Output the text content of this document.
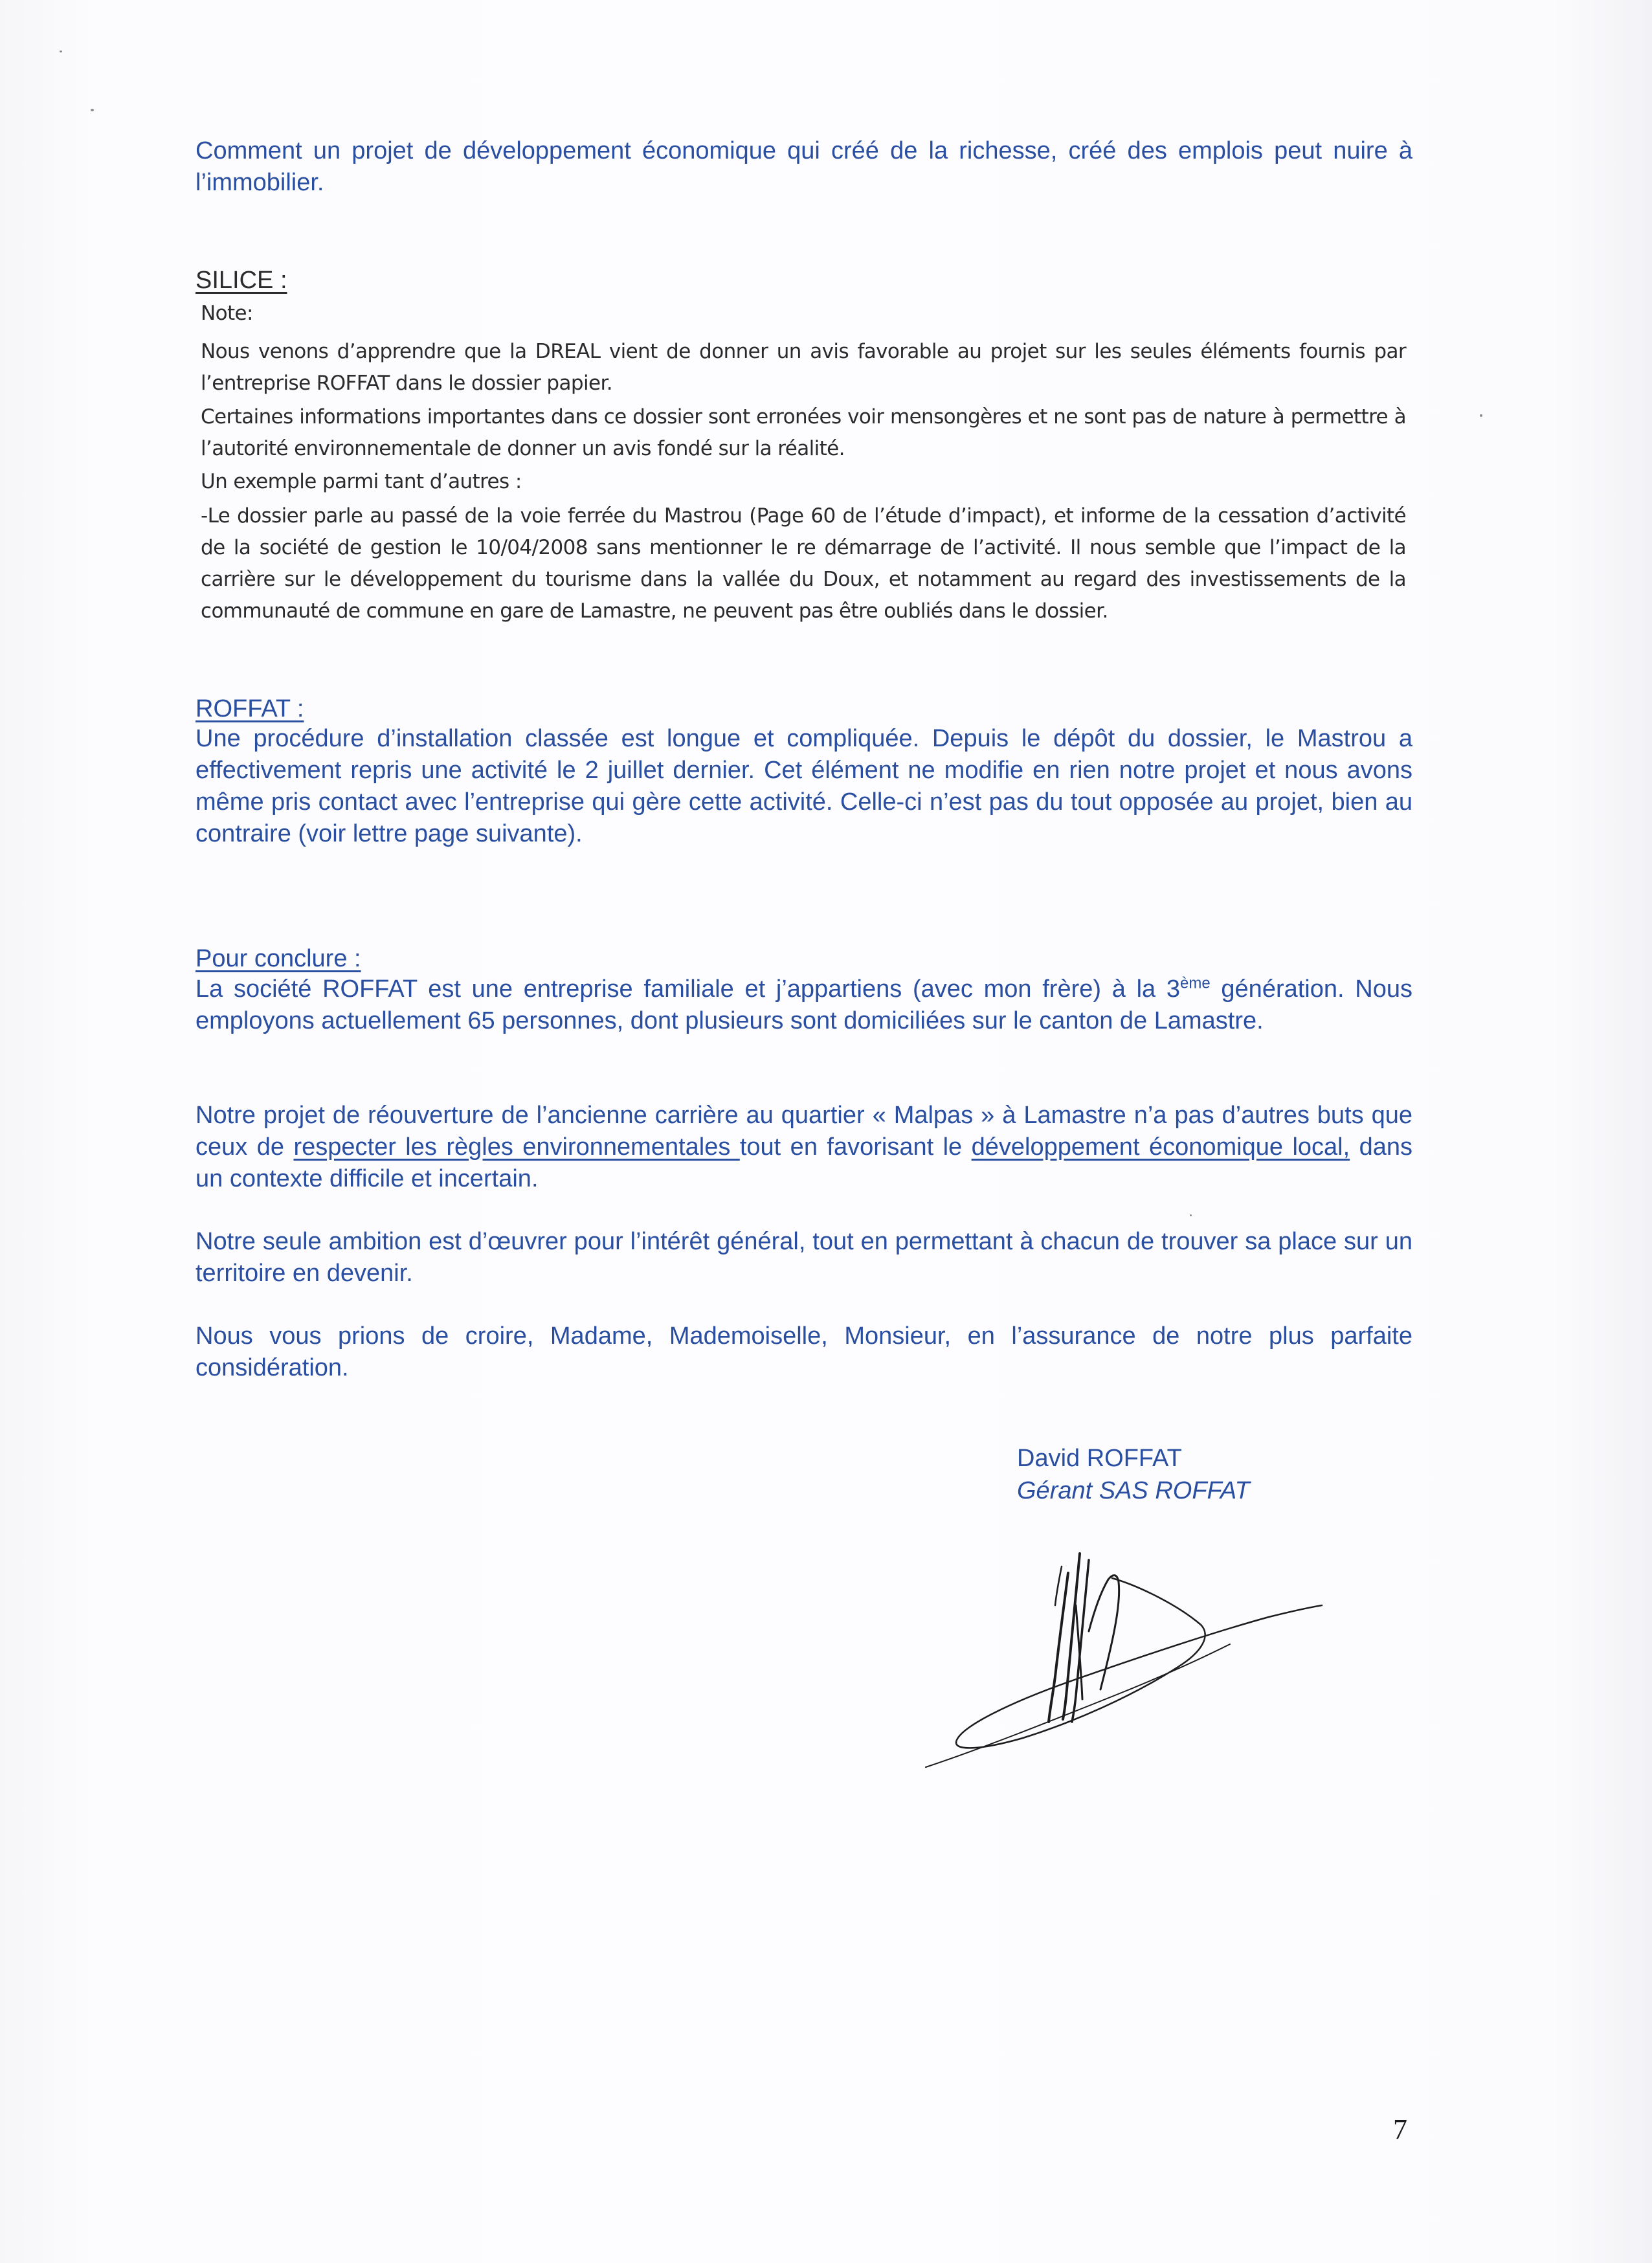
Comment un projet de développement économique qui créé de la richesse, créé des emplois peut nuire à l’immobilier.

SILICE :
Note:

Nous venons d’apprendre que la DREAL vient de donner un avis favorable au projet sur les seules éléments fournis par l’entreprise ROFFAT dans le dossier papier.

Certaines informations importantes dans ce dossier sont erronées voir mensongères et ne sont pas de nature à permettre à l’autorité environnementale de donner un avis fondé sur la réalité.

Un exemple parmi tant d’autres :

-Le dossier parle au passé de la voie ferrée du Mastrou (Page 60 de l’étude d’impact), et informe de la cessation d’activité de la société de gestion le 10/04/2008 sans mentionner le re démarrage de l’activité. Il nous semble que l’impact de la carrière sur le développement du tourisme dans la vallée du Doux, et notamment au regard des investissements de la communauté de commune en gare de Lamastre, ne peuvent pas être oubliés dans le dossier.

ROFFAT :

Une procédure d’installation classée est longue et compliquée. Depuis le dépôt du dossier, le Mastrou a effectivement repris une activité le 2 juillet dernier. Cet élément ne modifie en rien notre projet et nous avons même pris contact avec l’entreprise qui gère cette activité. Celle-ci n’est pas du tout opposée au projet, bien au contraire (voir lettre page suivante).

Pour conclure :

La société ROFFAT est une entreprise familiale et j’appartiens (avec mon frère) à la 3ème génération. Nous employons actuellement 65 personnes, dont plusieurs sont domiciliées sur le canton de Lamastre.

Notre projet de réouverture de l’ancienne carrière au quartier « Malpas » à Lamastre n’a pas d’autres buts que ceux de respecter les règles environnementales tout en favorisant le développement économique local, dans un contexte difficile et incertain.

Notre seule ambition est d’œuvrer pour l’intérêt général, tout en permettant à chacun de trouver sa place sur un territoire en devenir.

Nous vous prions de croire, Madame, Mademoiselle, Monsieur, en l’assurance de notre plus parfaite considération.

David ROFFAT
Gérant SAS ROFFAT
7
